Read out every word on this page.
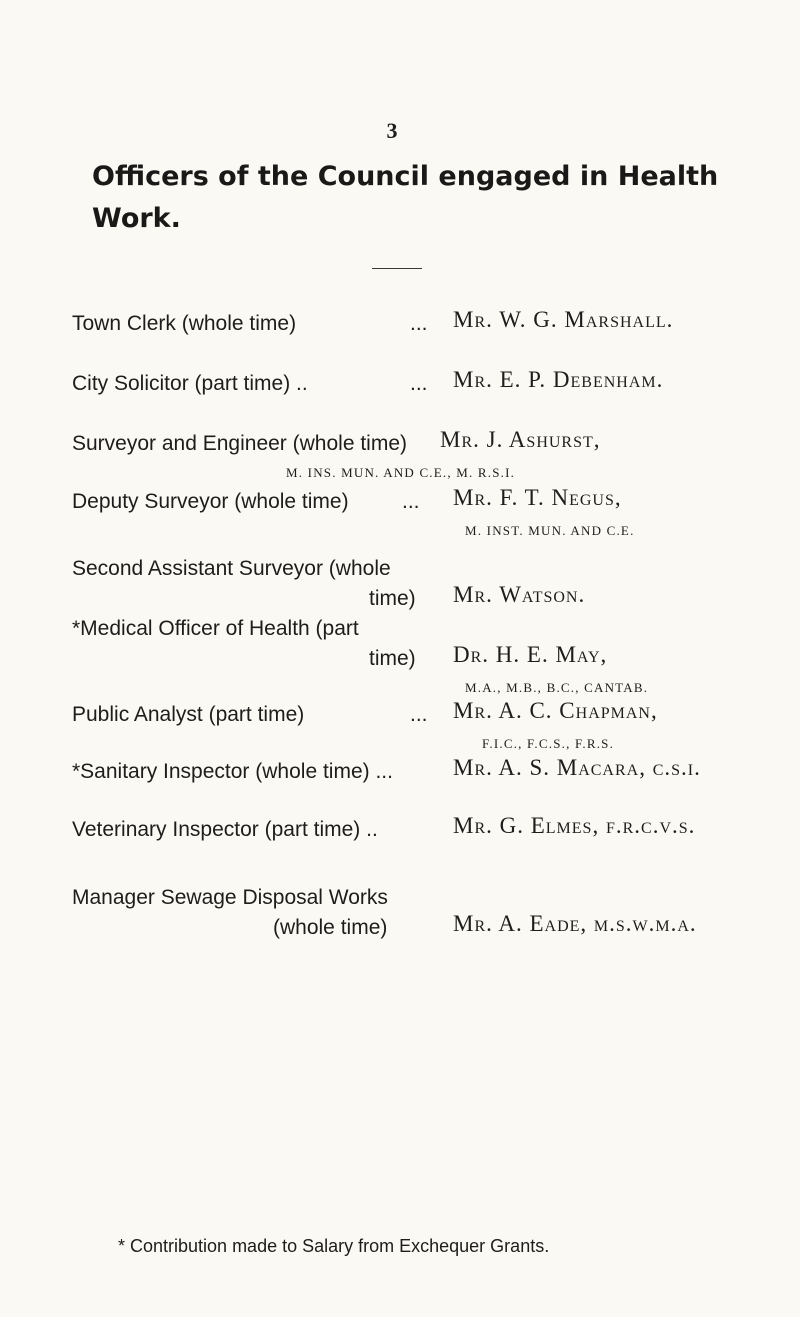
3
Officers of the Council engaged in Health Work.
Town Clerk (whole time)	... Mr. W. G. Marshall.
City Solicitor (part time) ..	... Mr. E. P. Debenham.
Surveyor and Engineer (whole time) Mr. J. Ashurst,
M. INS. MUN. AND C.E., M. R.S.I.
Deputy Surveyor (whole time)	... Mr. F. T. Negus,
M. INST. MUN. AND C.E.
Second Assistant Surveyor (whole
time) Mr. Watson.
*Medical Officer of Health (part
time) Dr. H. E. May,
M.A., M.B., B.C., CANTAB.
Public Analyst (part time)	... Mr. A. C. Chapman,
F.I.C., F.C.S., F.R.S.
*Sanitary Inspector (whole time) ...	Mr. A. S. Macara, c.s.i.
Veterinary Inspector (part time) ..	Mr. G. Elmes, f.r.c.v.s.
Manager Sewage Disposal Works
(whole time)	Mr. A. Eade, m.s.w.m.a.
* Contribution made to Salary from Exchequer Grants.
